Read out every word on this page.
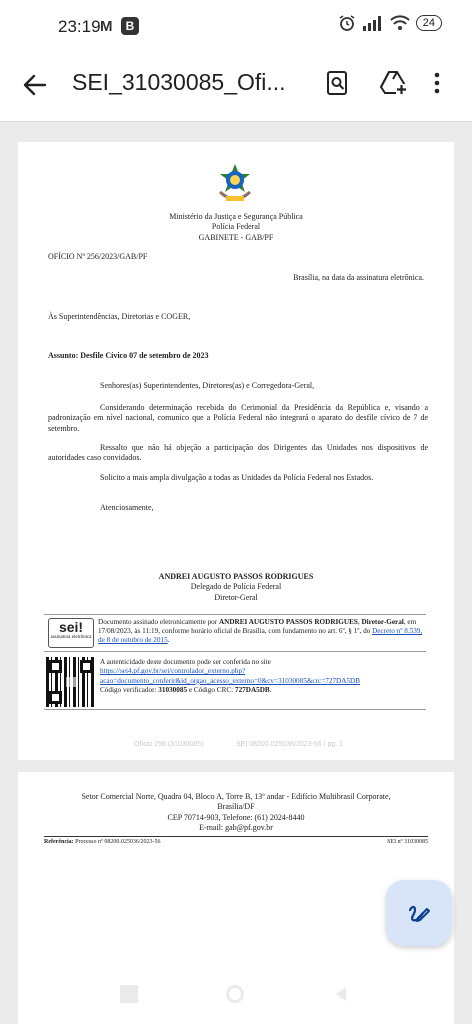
23:19 M	B	24
SEI_31030085_Ofi...
Ministério da Justiça e Segurança Pública
Polícia Federal
GABINETE - GAB/PF
OFÍCIO Nº 256/2023/GAB/PF
Brasília, na data da assinatura eletrônica.
Às Superintendências, Diretorias e COGER,
Assunto: Desfile Cívico 07 de setembro de 2023
Senhores(as) Superintendentes, Diretores(as) e Corregedora-Geral,
Considerando determinação recebida do Cerimonial da Presidência da República e, visando a padronização em nível nacional, comunico que a Polícia Federal não integrará o aparato do desfile cívico de 7 de setembro.
Ressalto que não há objeção a participação dos Dirigentes das Unidades nos dispositivos de autoridades caso convidados.
Solicito a mais ampla divulgação a todas as Unidades da Polícia Federal nos Estados.
Atenciosamente,
ANDREI AUGUSTO PASSOS RODRIGUES
Delegado de Polícia Federal
Diretor-Geral
sei!
assinatura eletrônica
Documento assinado eletronicamente por ANDREI AUGUSTO PASSOS RODRIGUES, Diretor-Geral, em 17/08/2023, às 11:19, conforme horário oficial de Brasília, com fundamento no art. 6º, § 1º, do Decreto nº 8.539, de 8 de outubro de 2015.
A autenticidade deste documento pode ser conferida no site
https://sei4.pf.gov.br/sei/controlador_externo.php?
acao=documento_conferir&id_orgao_acesso_externo=0&cv=31030085&crc=727DA5DB
Código verificador: 31030085 e Código CRC: 727DA5DB.
Ofício 256 (31030085)	SEI 08200.025036/2023-56 / pg. 1
Setor Comercial Norte, Quadra 04, Bloco A, Torre B, 13º andar - Edifício Multibrasil Corporate,
Brasília/DF
CEP 70714-903, Telefone: (61) 2024-8440
E-mail: gab@pf.gov.br
Referência: Processo nº 08200.025036/2023-56	SEI nº 31030085
